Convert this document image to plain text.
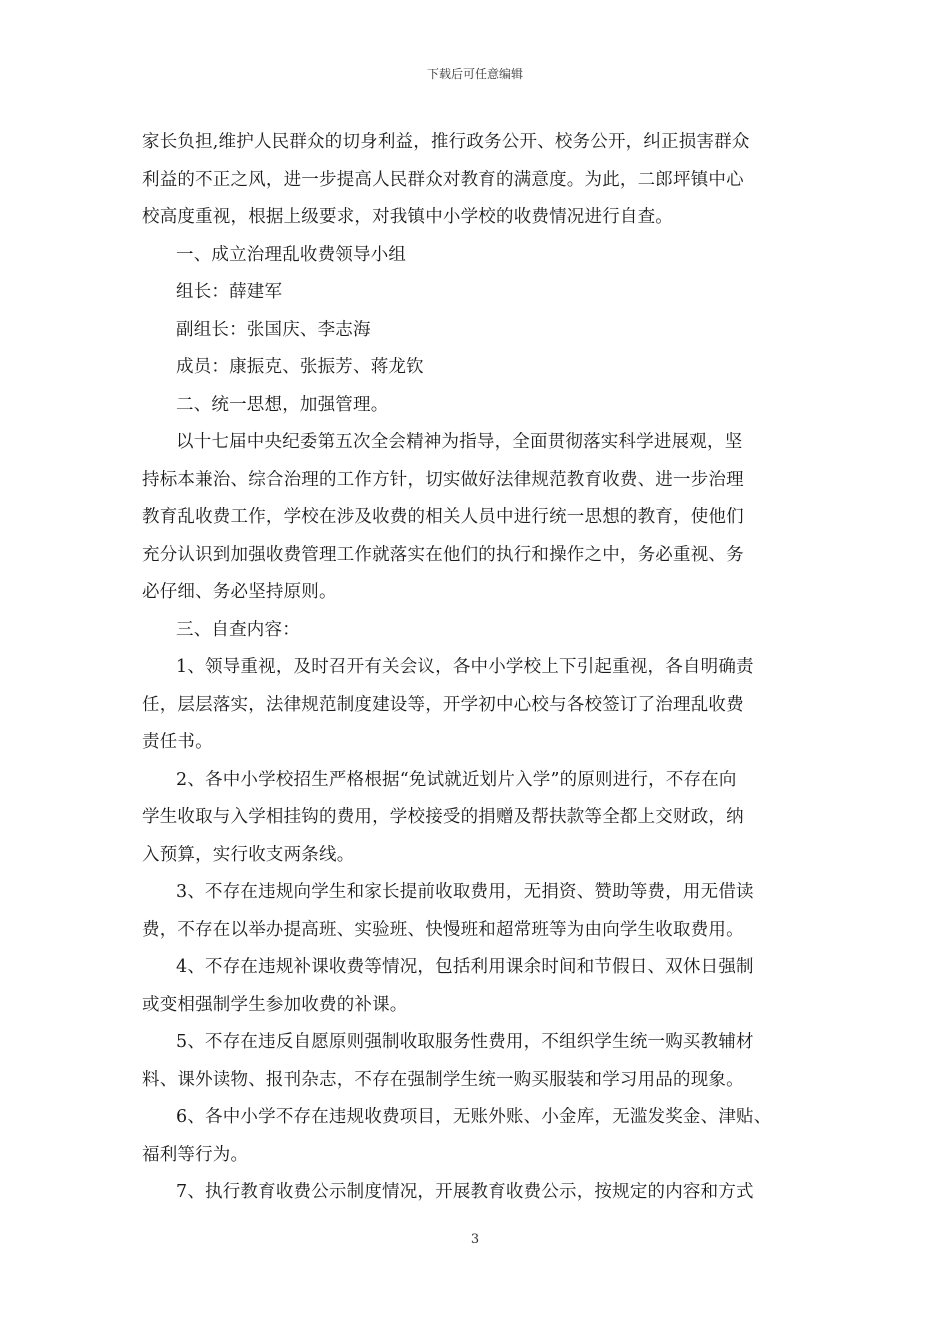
下载后可任意编辑
家长负担,维护人民群众的切身利益，推行政务公开、校务公开，纠正损害群众
利益的不正之风，进一步提高人民群众对教育的满意度。为此，二郎坪镇中心
校高度重视，根据上级要求，对我镇中小学校的收费情况进行自查。
一、成立治理乱收费领导小组
组长：薛建军
副组长：张国庆、李志海
成员：康振克、张振芳、蒋龙钦
二、统一思想，加强管理。
以十七届中央纪委第五次全会精神为指导，全面贯彻落实科学进展观，坚
持标本兼治、综合治理的工作方针，切实做好法律规范教育收费、进一步治理
教育乱收费工作，学校在涉及收费的相关人员中进行统一思想的教育，使他们
充分认识到加强收费管理工作就落实在他们的执行和操作之中，务必重视、务
必仔细、务必坚持原则。
三、自查内容：
1、领导重视，及时召开有关会议，各中小学校上下引起重视，各自明确责
任，层层落实，法律规范制度建设等，开学初中心校与各校签订了治理乱收费
责任书。
2、各中小学校招生严格根据“免试就近划片入学”的原则进行，不存在向
学生收取与入学相挂钩的费用，学校接受的捐赠及帮扶款等全都上交财政，纳
入预算，实行收支两条线。
3、不存在违规向学生和家长提前收取费用，无捐资、赞助等费，用无借读
费，不存在以举办提高班、实验班、快慢班和超常班等为由向学生收取费用。
4、不存在违规补课收费等情况，包括利用课余时间和节假日、双休日强制
或变相强制学生参加收费的补课。
5、不存在违反自愿原则强制收取服务性费用，不组织学生统一购买教辅材
料、课外读物、报刊杂志，不存在强制学生统一购买服装和学习用品的现象。
6、各中小学不存在违规收费项目，无账外账、小金库，无滥发奖金、津贴、
福利等行为。
7、执行教育收费公示制度情况，开展教育收费公示，按规定的内容和方式
3
